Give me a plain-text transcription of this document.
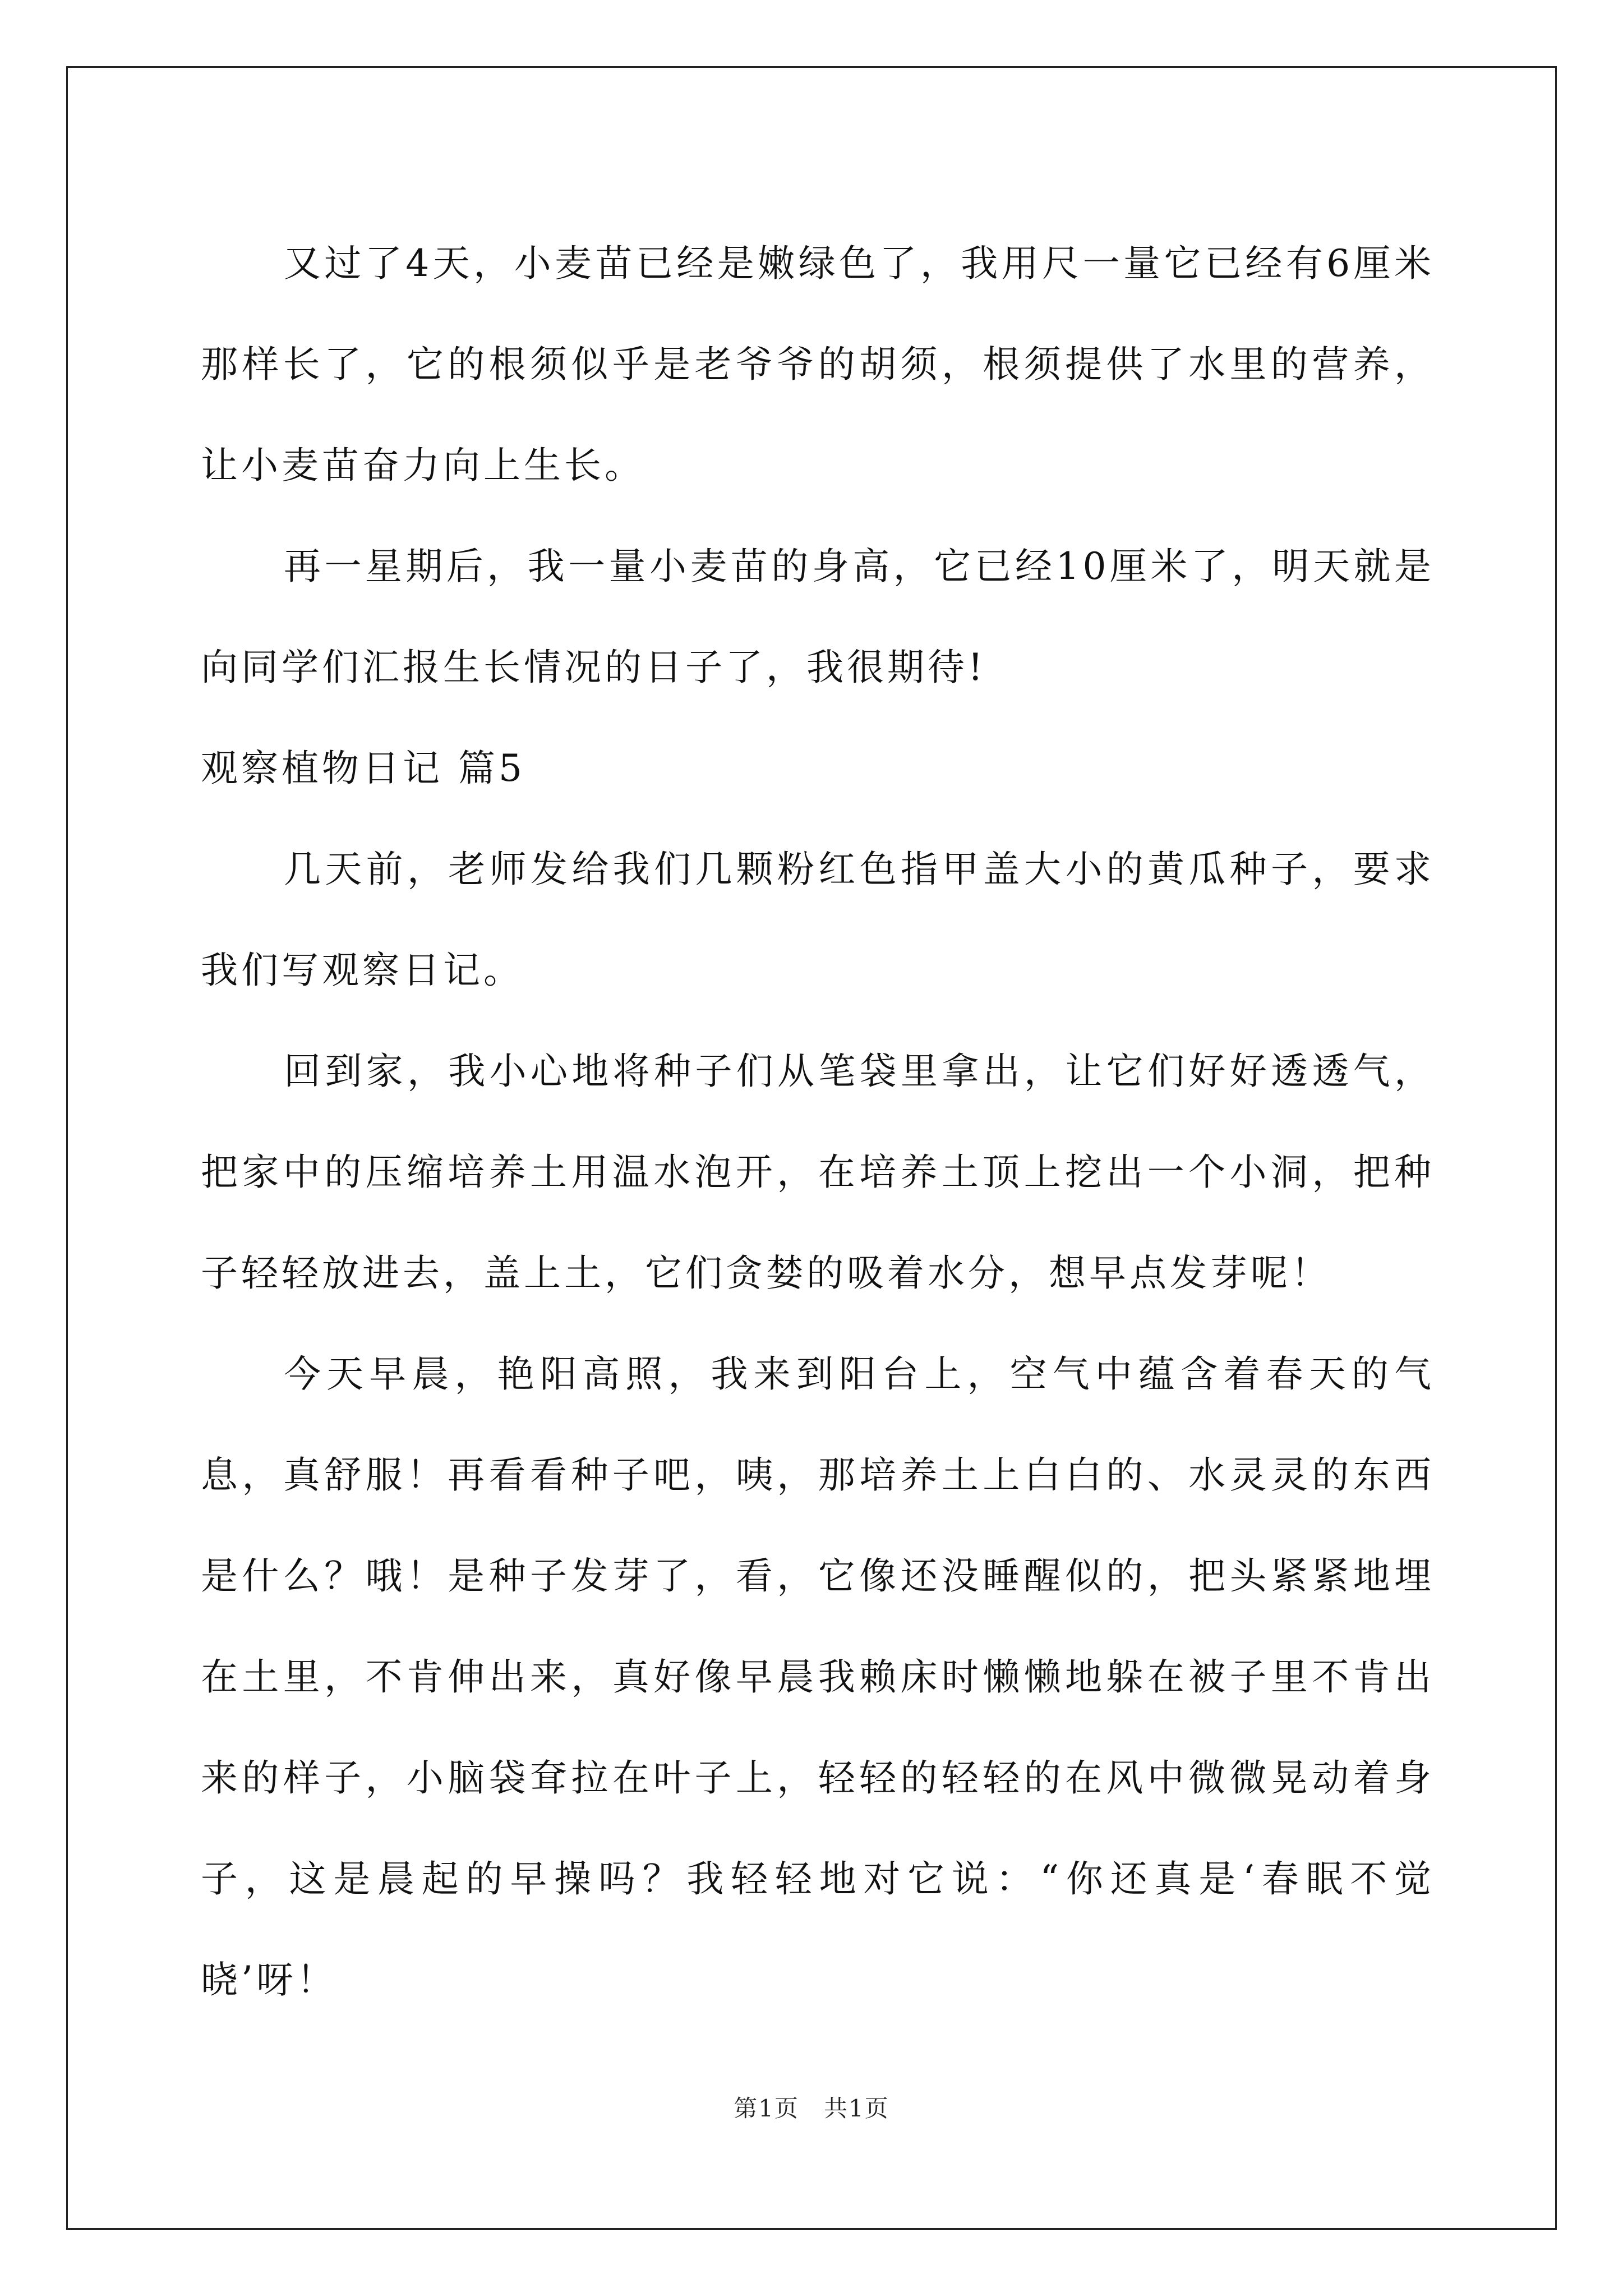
又过了4天，小麦苗已经是嫩绿色了，我用尺一量它已经有6厘米那样长了，它的根须似乎是老爷爷的胡须，根须提供了水里的营养，让小麦苗奋力向上生长。

再一星期后，我一量小麦苗的身高，它已经10厘米了，明天就是向同学们汇报生长情况的日子了，我很期待!

观察植物日记 篇5

几天前，老师发给我们几颗粉红色指甲盖大小的黄瓜种子，要求我们写观察日记。

回到家，我小心地将种子们从笔袋里拿出，让它们好好透透气，把家中的压缩培养土用温水泡开，在培养土顶上挖出一个小洞，把种子轻轻放进去，盖上土，它们贪婪的吸着水分，想早点发芽呢！

今天早晨，艳阳高照，我来到阳台上，空气中蕴含着春天的气息，真舒服！再看看种子吧，咦，那培养土上白白的、水灵灵的东西是什么？哦！是种子发芽了，看，它像还没睡醒似的，把头紧紧地埋在土里，不肯伸出来，真好像早晨我赖床时懒懒地躲在被子里不肯出来的样子，小脑袋耷拉在叶子上，轻轻的轻轻的在风中微微晃动着身子，这是晨起的早操吗？我轻轻地对它说：“你还真是‘春眠不觉晓’呀！

第1页　共1页
